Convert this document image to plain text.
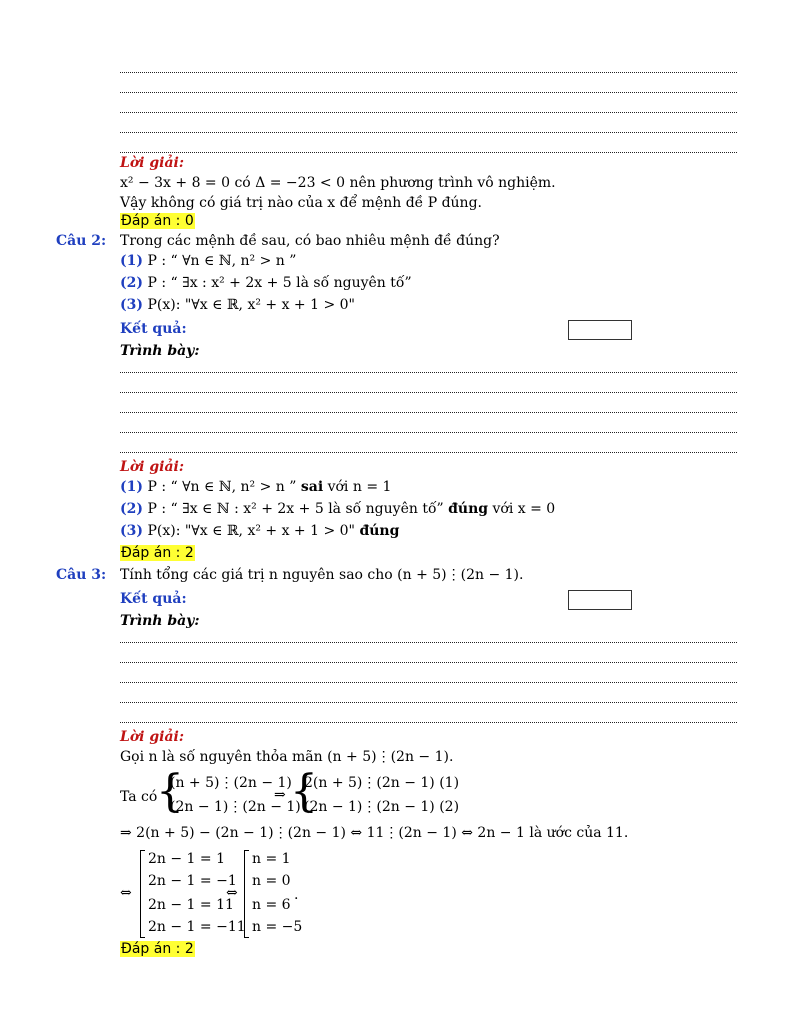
Lời giải:
x² − 3x + 8 = 0 có Δ = −23 < 0 nên phương trình vô nghiệm.
Vậy không có giá trị nào của x để mệnh đề P đúng.
Đáp án : 0
Câu 2: Trong các mệnh đề sau, có bao nhiêu mệnh đề đúng?
(1) P : “ ∀n ∈ ℕ, n² > n ”
(2) P : “ ∃x : x² + 2x + 5 là số nguyên tố”
(3) P(x): "∀x ∈ ℝ, x² + x + 1 > 0"
Kết quả:
Trình bày:
Lời giải:
(1) P : “ ∀n ∈ ℕ, n² > n ” sai với n = 1
(2) P : “ ∃x ∈ ℕ : x² + 2x + 5 là số nguyên tố” đúng với x = 0
(3) P(x): "∀x ∈ ℝ, x² + x + 1 > 0" đúng
Đáp án : 2
Câu 3: Tính tổng các giá trị n nguyên sao cho (n + 5)⋮(2n − 1).
Kết quả:
Trình bày:
Lời giải:
Gọi n là số nguyên thỏa mãn (n + 5)⋮(2n − 1).
Ta có
{
(n + 5)⋮(2n − 1)
(2n − 1)⋮(2n − 1)
⇒ {
2(n + 5)⋮(2n − 1) (1)
(2n − 1)⋮(2n − 1) (2)
⇒ 2(n + 5) − (2n − 1)⋮(2n − 1) ⇔ 11⋮(2n − 1) ⇔ 2n − 1 là ước của 11.
⇔
2n − 1 = 1
2n − 1 = −1
2n − 1 = 11
2n − 1 = −11
⇔
n = 1
n = 0
n = 6
n = −5
.
Đáp án : 2
